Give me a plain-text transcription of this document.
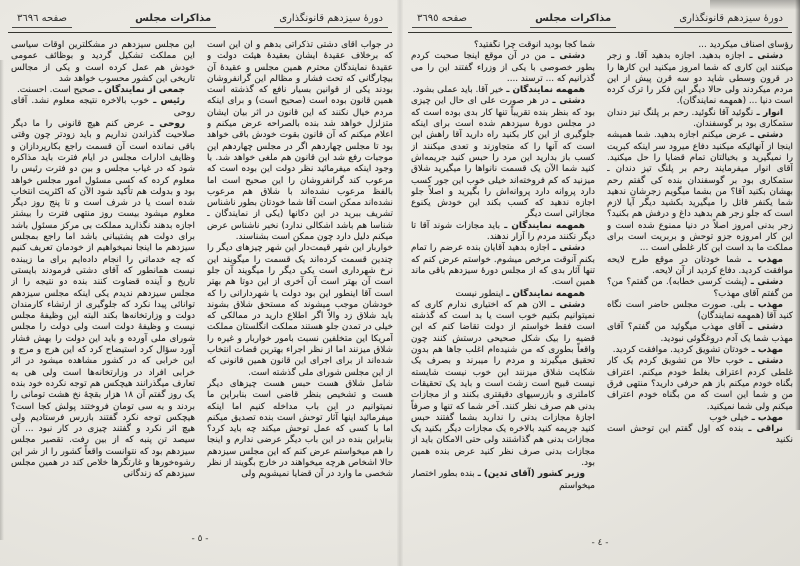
دورهٔ سیزدهم قانونگذاری
مذاکرات مجلس
صفحه ٣٦٩٦

در جواب آقای دشتی تذکراتی بدهم و آن این است که برخلاف عقیدهٔ ایشان بعقیدهٔ هیئت دولت و عقیدهٔ نمایندگان محترم همین مجلس و عقیدهٔ آن بیچارگانی که تحت فشار و مظالم این گرانفروشان بودند یکی از قوانین بسیار نافع که گذشته است همین قانون بوده است (صحیح است) و برای اینکه مردم خیال نکنند که این قانون در اثر بیان ایشان متزلزل خواهد شد بنده بالصراحه عرض میکنم و اعلام میکنم که آن قانون بقوت خودش باقی خواهد بود تا مجلس چهاردهم اگر در مجلس چهاردهم این موجبات رفع شد این قانون هم ملغی خواهد شد. با وجود اینکه میفرمائید نظر دولت این بوده است که مرعوب کند گرانفروشان را این صحیح است اما بالفظ مرعوب نشده‌اند با شلاق هم مرعوب نشده‌اند ممکن است آقا شما خودتان بطور ناشناس تشریف ببرید در این دکانها (یکی از نمایندگان ـ شناسا هم باشد اشکالی ندارد) نخیر ناشناس عرض میکنم دلیل دارد چون ممکن است بشناسند.

خواربار این شهر قیمت‌دار این شهر چیزهای دیگر را چندین قسمت کرده‌اند یک قسمت را میگویند این نرخ شهرداری است یکی دیگر را میگویند آن جلو است آن بهتر است آن آخری از این دوتا هم بهتر است آقا اینطور این بود دولت یا شهردارانی را که خودشان موجب میشوند که مستحق شلاق بشوند باید شلاق زد والاّ اگر اطلاع دارید در ممالکی که خیلی در تمدن جلو هستند مملکت انگلستان مملکت آمریکا این متخلفین نسبت بامور خواربار و غیره را شلاق میزنند اما از نظر اجراء بهترین قضات انتخاب شده‌اند از برای اجرای این قانون همین قانونی که از این مجلس شورای ملی گذشته است.

شامل شلاق هست حبس هست چیزهای دیگر هست و تشخیص بنظر قاضی است بنابراین ما نمیتوانیم در این باب مداخله کنیم اما اینکه میفرمائید اینها آثار توحش است بنده تصدیق میکنم اما با کسی که عمل توحش میکند چه باید کرد؟ بنابراین بنده در این باب دیگر عرضی ندارم و اینجا را هم میخواستم عرض کنم که این مجلس سیزدهم حالا اشخاص هرچه میخواهند در خارج بگویند از نظر شخصی ما وارد در آن قضایا نمیشویم ولی

این مجلس سیزدهم در مشکلترین اوقات سیاسی این مملکت تشکیل گردید و بوظائف عمومی خودش هم عمل کرده است و یکی از مجالس تاریخی این کشور محسوب خواهد شد

جمعی از نمایندگان ـ صحیح است. احسنت.

رئیس ـ خوب بالاخره نتیجه معلوم نشد. آقای روحی

روحی ـ عرض کنم هیچ قانونی را ما دیگر صلاحیت گذراندن نداریم و باید زودتر چون وقتی باقی نمانده است آن قسمت راجع بکارپردازان و وظایف ادارات مجلس در ایام فترت باید مذاکره شود که در غیاب مجلس و بین دو فترت رئیس را معلوم کرده که کسی مسئول امور مجلس خواهد بود و بدولت هم تأکید شود الآن که اکثریت انتخاب شده است یا در شرف است و تا پنج روز دیگر معلوم میشود بیست روز منتهی فترت را بیشتر اجازه بدهند نگذارید مملکت بی مرکز مسئول باشد برای دولت هم پشتیبانی باشد اما راجع بمجلس سیزدهم ما اینجا نمیخواهیم از خودمان تعریف کنیم که چه خدماتی را انجام داده‌ایم برای ما زیبنده نیست همانطور که آقای دشتی فرمودند بایستی تاریخ و آینده قضاوت کنند بنده دو نتیجه را از مجلس سیزدهم ندیدم یکی اینکه مجلس سیزدهم توانائی پیدا نکرد که جلوگیری از ارتشاء کارمندان دولت و وزارتخانه‌ها بکند البته این وظیفهٔ مجلس نیست و وظیفهٔ دولت است ولی دولت را مجلس شورای ملی آورده و باید این دولت را بهش فشار آورد سؤال کرد استیضاح کرد که این هرج و مرج و این خرابی که در کشور مشاهده میشود در اثر خرابی افراد در وزارتخانه‌ها است ولی هی به تعارف میگذرانند هیچکس هم توجه نکرده خود بنده یک روز گفتم آن ۱۸ هزار بقچهٔ نخ هشت تومانی را بردند و به سی تومان فروختند پولش کجا است؟ هیچکس توجه نکرد گفتند بازرس فرستادیم ولی هیچ اثر نکرد و گفتند چیزی در کار نبود ... آن سیصد تن پنبه که از بین رفت. تقصیر مجلس سیزدهم بود که نتوانست واقعاً کشور را از شر این رشوه‌خورها و غارتگرها خلاص کند در همین مجلس سیزدهم که زندگانی

- ٥ -
دورهٔ سیزدهم قانونگذاری
مذاکرات مجلس
صفحه ٣٦٩٥

رؤسای اصناف میکردید ...

دشتی ـ اجازه بدهید. اجازه بدهید آقا. و زجر میکنند این کاری که شما امروز میکنید این کارها را در قرون وسطی شاید دو سه قرن پیش از این مردم میکردند ولی حالا دیگر این فکر را ترک کرده است دنیا ... (همهمه نمایندگان).

انوار ـ نگوئید آقا نگوئید. رحم بر پلنگ تیز دندان ستمکاری بود بر گوسفندان.

دشتی ـ عرض میکنم اجازه بدهید. شما همیشه اینجا از آنهائیکه میکنید دفاع میرود سر اینکه کبریت را نمیگیرید و بخیالتان تمام قضایا را حل میکنید. آقای انوار میفرمایند رحم بر پلنگ تیز دندان ـ ستمکاری بود بر گوسفندان بنده کی گفتم رحم بهشان بکنید آقا؟ من بشما میگویم زجرشان ندهید شما یکنفر قاتل را میگیرید بکشید دیگر آیا لازم است که جلو زجر هم بدهید داغ و درفش هم بکنید؟ زجر بدنی امروز اصلاً در دنیا ممنوع شده است و این کار امروزه جزو توحش و بربریت است برای مملکت ما بد است این کار غلطی است ...

مهذب ـ شما خودتان در موقع طرح لایحه موافقت کردید. دفاع کردید از آن لایحه.

دشتی ـ (پشت کرسی خطابه). من گفتم؟ من؟ من گفتم آقای مهذب؟

مهذب ـ بلی. صورت مجلس حاضر است نگاه کنید آقا (همهمه نمایندگان)

دشتی ـ آقای مهذب میگوئید من گفتم؟ آقای مهذب شما یک آدم دروغگوئی نبودید.

مهذب ـ خودتان تشویق کردید. موافقت کردید.

دشتی ـ خوب حالا من تشویق کردم یک کار غلطی کردم اعتراف بغلط خودم میکنم. اعتراف بگناه خودم میکنم باز هم حرفی دارید؟ منتهی فرق من و شما این است که من بگناه خودم اعتراف میکنم ولی شما نمیکنید.

مهذب ـ خیلی خوب

نراقی ـ بنده که اول گفتم این توحش است نکنید

شما کجا بودید آنوقت چرا نگفتید؟

دشتی ـ من در آن موقع اینجا صحبت کردم بطور خصوصی با یکی از وزراء گفتند این را می گذرانیم که ... ترسند ....

همهمه نمایندگان ـ خیر آقا. باید عملی بشود.

دشتی ـ در هر صورت علی ای حال این چیزی بود که بنظر بنده تقریباً تنها کار بدی بوده است که در مجلس دورهٔ سیزدهم شده است برای اینکه جلوگیری از این کار بکنید راه دارید آقا راهش این است که آنها را که متجاوزند و تعدی میکنند از کسب باز بدارید این مرد را حبس کنید جریمه‌اش کنید شما الآن یک قسمت نانواها را میگیرید شلاق میزنید که کم فروخته‌اند خیلی خوب این جور کسب دارد پروانه دارد پروانه‌اش را بگیرید و اصلاً جلو اجازه ندهید که کسب بکند این خودش یکنوع مجازاتی است دیگر

همهمه نمایندگان ـ باید مجازات شوند آقا تا دیگر نکنند مردم را آزار ندهند.

دشتی ـ اجازه بدهید آقایان بنده عرضم را تمام بکنم آنوقت مرخص میشوم. خواستم عرض کنم که تنها آثار بدی که از مجلس دورهٔ سیزدهم باقی ماند همین است.

همهمه نمایندگان ـ اینطور نیست

دشتی ـ الان هم که اختیاری ندارم کاری که نمیتوانیم بکنیم خوب است یا بد است که گذشته است فقط خواستم از دولت تقاضا کنم که این قضیه را بیک شکل صحیحی درستش کنند چون واقعاً بطوری که من شنیده‌ام اغلب جاها هم بدون تحقیق میگیرند و مردم را میبرند و بصرف یک شکایت شلاق میزنند این خوب نیست شایسته نیست قبیح است زشت است و باید یک تحقیقات کاملتری و بازرسیهای دقیقتری بکنند و از مجازات بدنی هم صرف نظر کنند. آخر شما که تنها و صرفاً اجازهٔ مجازات بدنی را ندارید بشما گفتند حبس کنید جریمه کنید بالاخره یک مجازات دیگر بکنید یک مجازات بدنی هم گذاشتند ولی حتی الامکان باید از مجازات بدنی صرف نظر کنید عرض بنده همین بود.

وزیر کشور (آقای تدین) ـ بنده بطور اختصار میخواستم

- ٤ -
